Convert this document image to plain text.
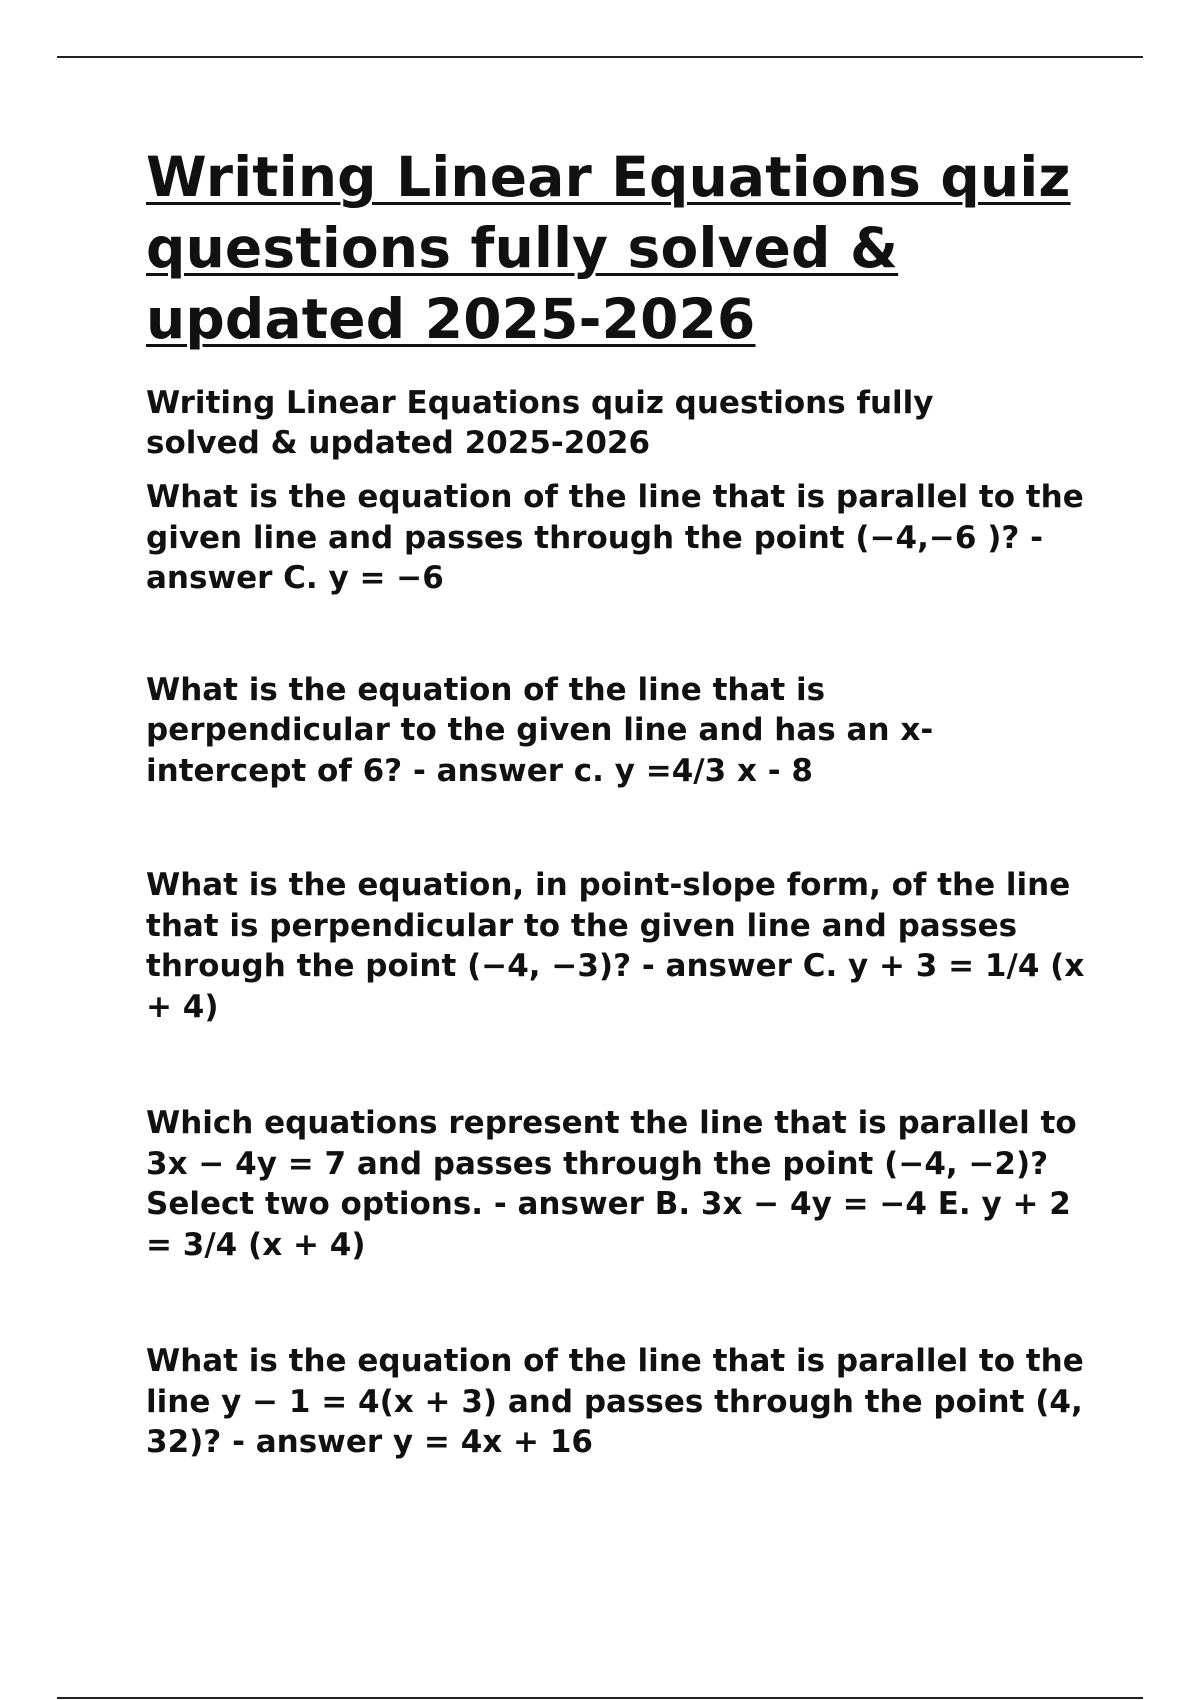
Writing Linear Equations quiz questions fully solved & updated 2025-2026

Writing Linear Equations quiz questions fully solved & updated 2025-2026

What is the equation of the line that is parallel to the given line and passes through the point (−4,−6 )? - answer C. y = −6
What is the equation of the line that is perpendicular to the given line and has an x-intercept of 6? - answer c. y =4/3 x - 8
What is the equation, in point-slope form, of the line that is perpendicular to the given line and passes through the point (−4, −3)? - answer C. y + 3 = 1/4 (x + 4)
Which equations represent the line that is parallel to 3x − 4y = 7 and passes through the point (−4, −2)? Select two options. - answer B. 3x − 4y = −4 E. y + 2 = 3/4 (x + 4)
What is the equation of the line that is parallel to the line y − 1 = 4(x + 3) and passes through the point (4, 32)? - answer y = 4x + 16
